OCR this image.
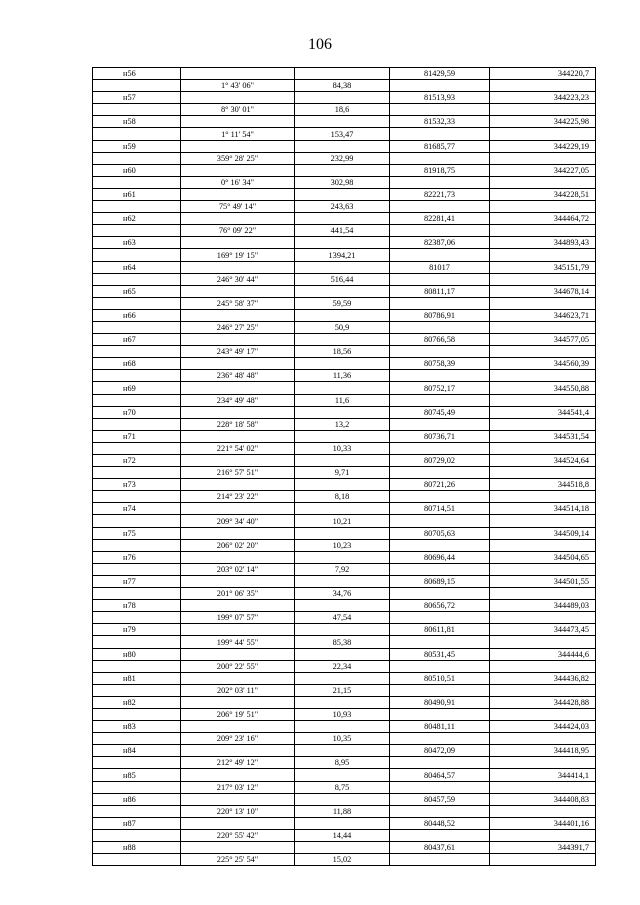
106
н56			81429,59	344220,7
	1° 43' 06"	84,38		
н57			81513,93	344223,23
	8° 30' 01"	18,6		
н58			81532,33	344225,98
	1° 11' 54"	153,47		
н59			81685,77	344229,19
	359° 28' 25"	232,99		
н60			81918,75	344227,05
	0° 16' 34"	302,98		
н61			82221,73	344228,51
	75° 49' 14"	243,63		
н62			82281,41	344464,72
	76° 09' 22"	441,54		
н63			82387,06	344893,43
	169° 19' 15"	1394,21		
н64			81017	345151,79
	246° 30' 44"	516,44		
н65			80811,17	344678,14
	245° 58' 37"	59,59		
н66			80786,91	344623,71
	246° 27' 25"	50,9		
н67			80766,58	344577,05
	243° 49' 17"	18,56		
н68			80758,39	344560,39
	236° 48' 48"	11,36		
н69			80752,17	344550,88
	234° 49' 48"	11,6		
н70			80745,49	344541,4
	228° 18' 58"	13,2		
н71			80736,71	344531,54
	221° 54' 02"	10,33		
н72			80729,02	344524,64
	216° 57' 51"	9,71		
н73			80721,26	344518,8
	214° 23' 22"	8,18		
н74			80714,51	344514,18
	209° 34' 40"	10,21		
н75			80705,63	344509,14
	206° 02' 20"	10,23		
н76			80696,44	344504,65
	203° 02' 14"	7,92		
н77			80689,15	344501,55
	201° 06' 35"	34,76		
н78			80656,72	344489,03
	199° 07' 57"	47,54		
н79			80611,81	344473,45
	199° 44' 55"	85,38		
н80			80531,45	344444,6
	200° 22' 55"	22,34		
н81			80510,51	344436,82
	202° 03' 11"	21,15		
н82			80490,91	344428,88
	206° 19' 51"	10,93		
н83			80481,11	344424,03
	209° 23' 16"	10,35		
н84			80472,09	344418,95
	212° 49' 12"	8,95		
н85			80464,57	344414,1
	217° 03' 12"	8,75		
н86			80457,59	344408,83
	220° 13' 10"	11,88		
н87			80448,52	344401,16
	220° 55' 42"	14,44		
н88			80437,61	344391,7
	225° 25' 54"	15,02		
